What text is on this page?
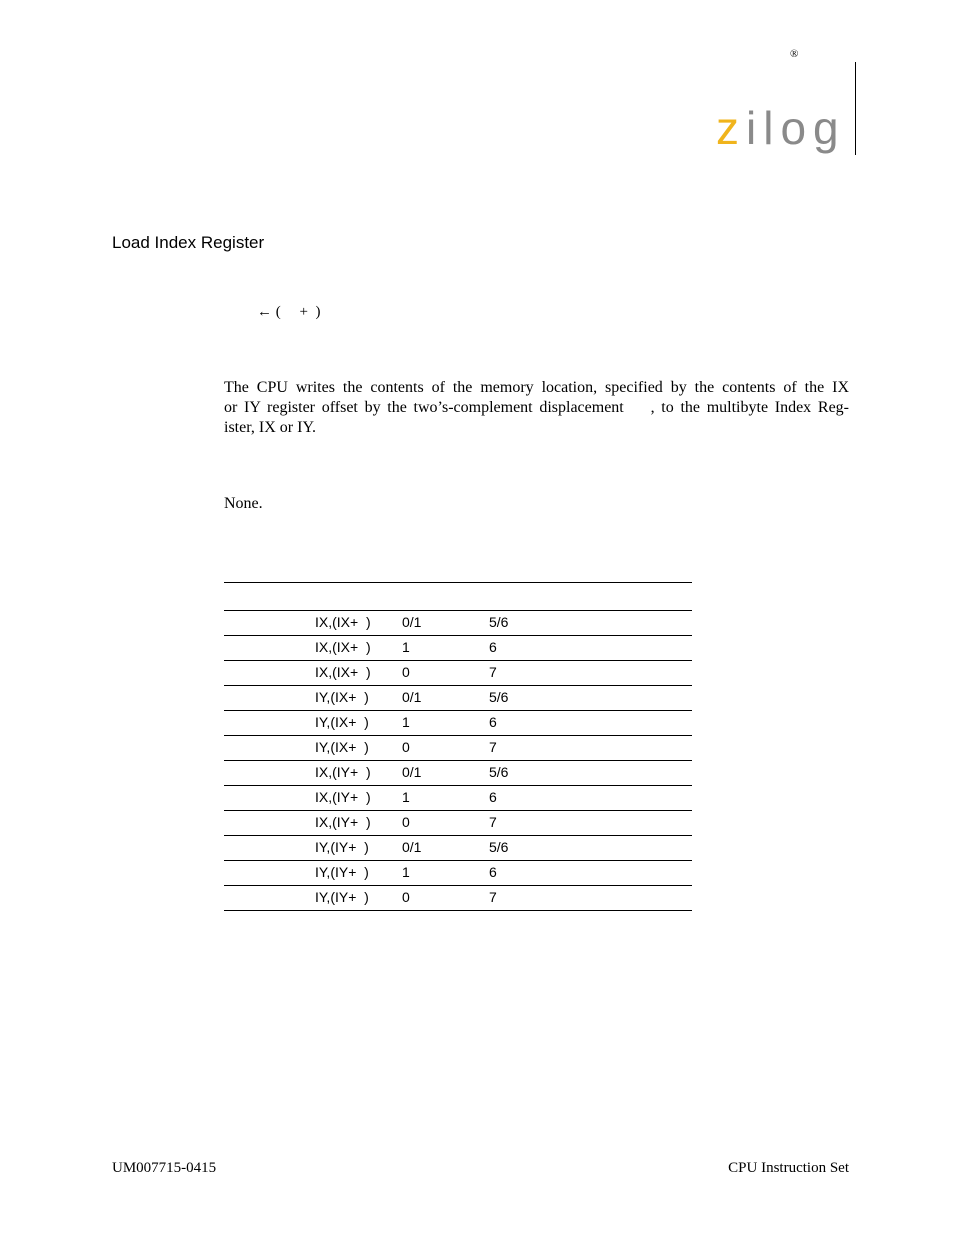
®
zilog
Load Index Register
← (     +  )
The CPU writes the contents of the memory location, specified by the contents of the IX
or IY register offset by the two’s-complement displacement    , to the multibyte Index Reg-
ister, IX or IY.
None.
IX,(IX+  ) 0/1	5/6
IX,(IX+  ) 1	6
IX,(IX+  ) 0	7
IY,(IX+  ) 0/1	5/6
IY,(IX+  ) 1	6
IY,(IX+  ) 0	7
IX,(IY+  ) 0/1	5/6
IX,(IY+  ) 1	6
IX,(IY+  ) 0	7
IY,(IY+  ) 0/1	5/6
IY,(IY+  ) 1	6
IY,(IY+  ) 0	7
UM007715-0415	CPU Instruction Set
